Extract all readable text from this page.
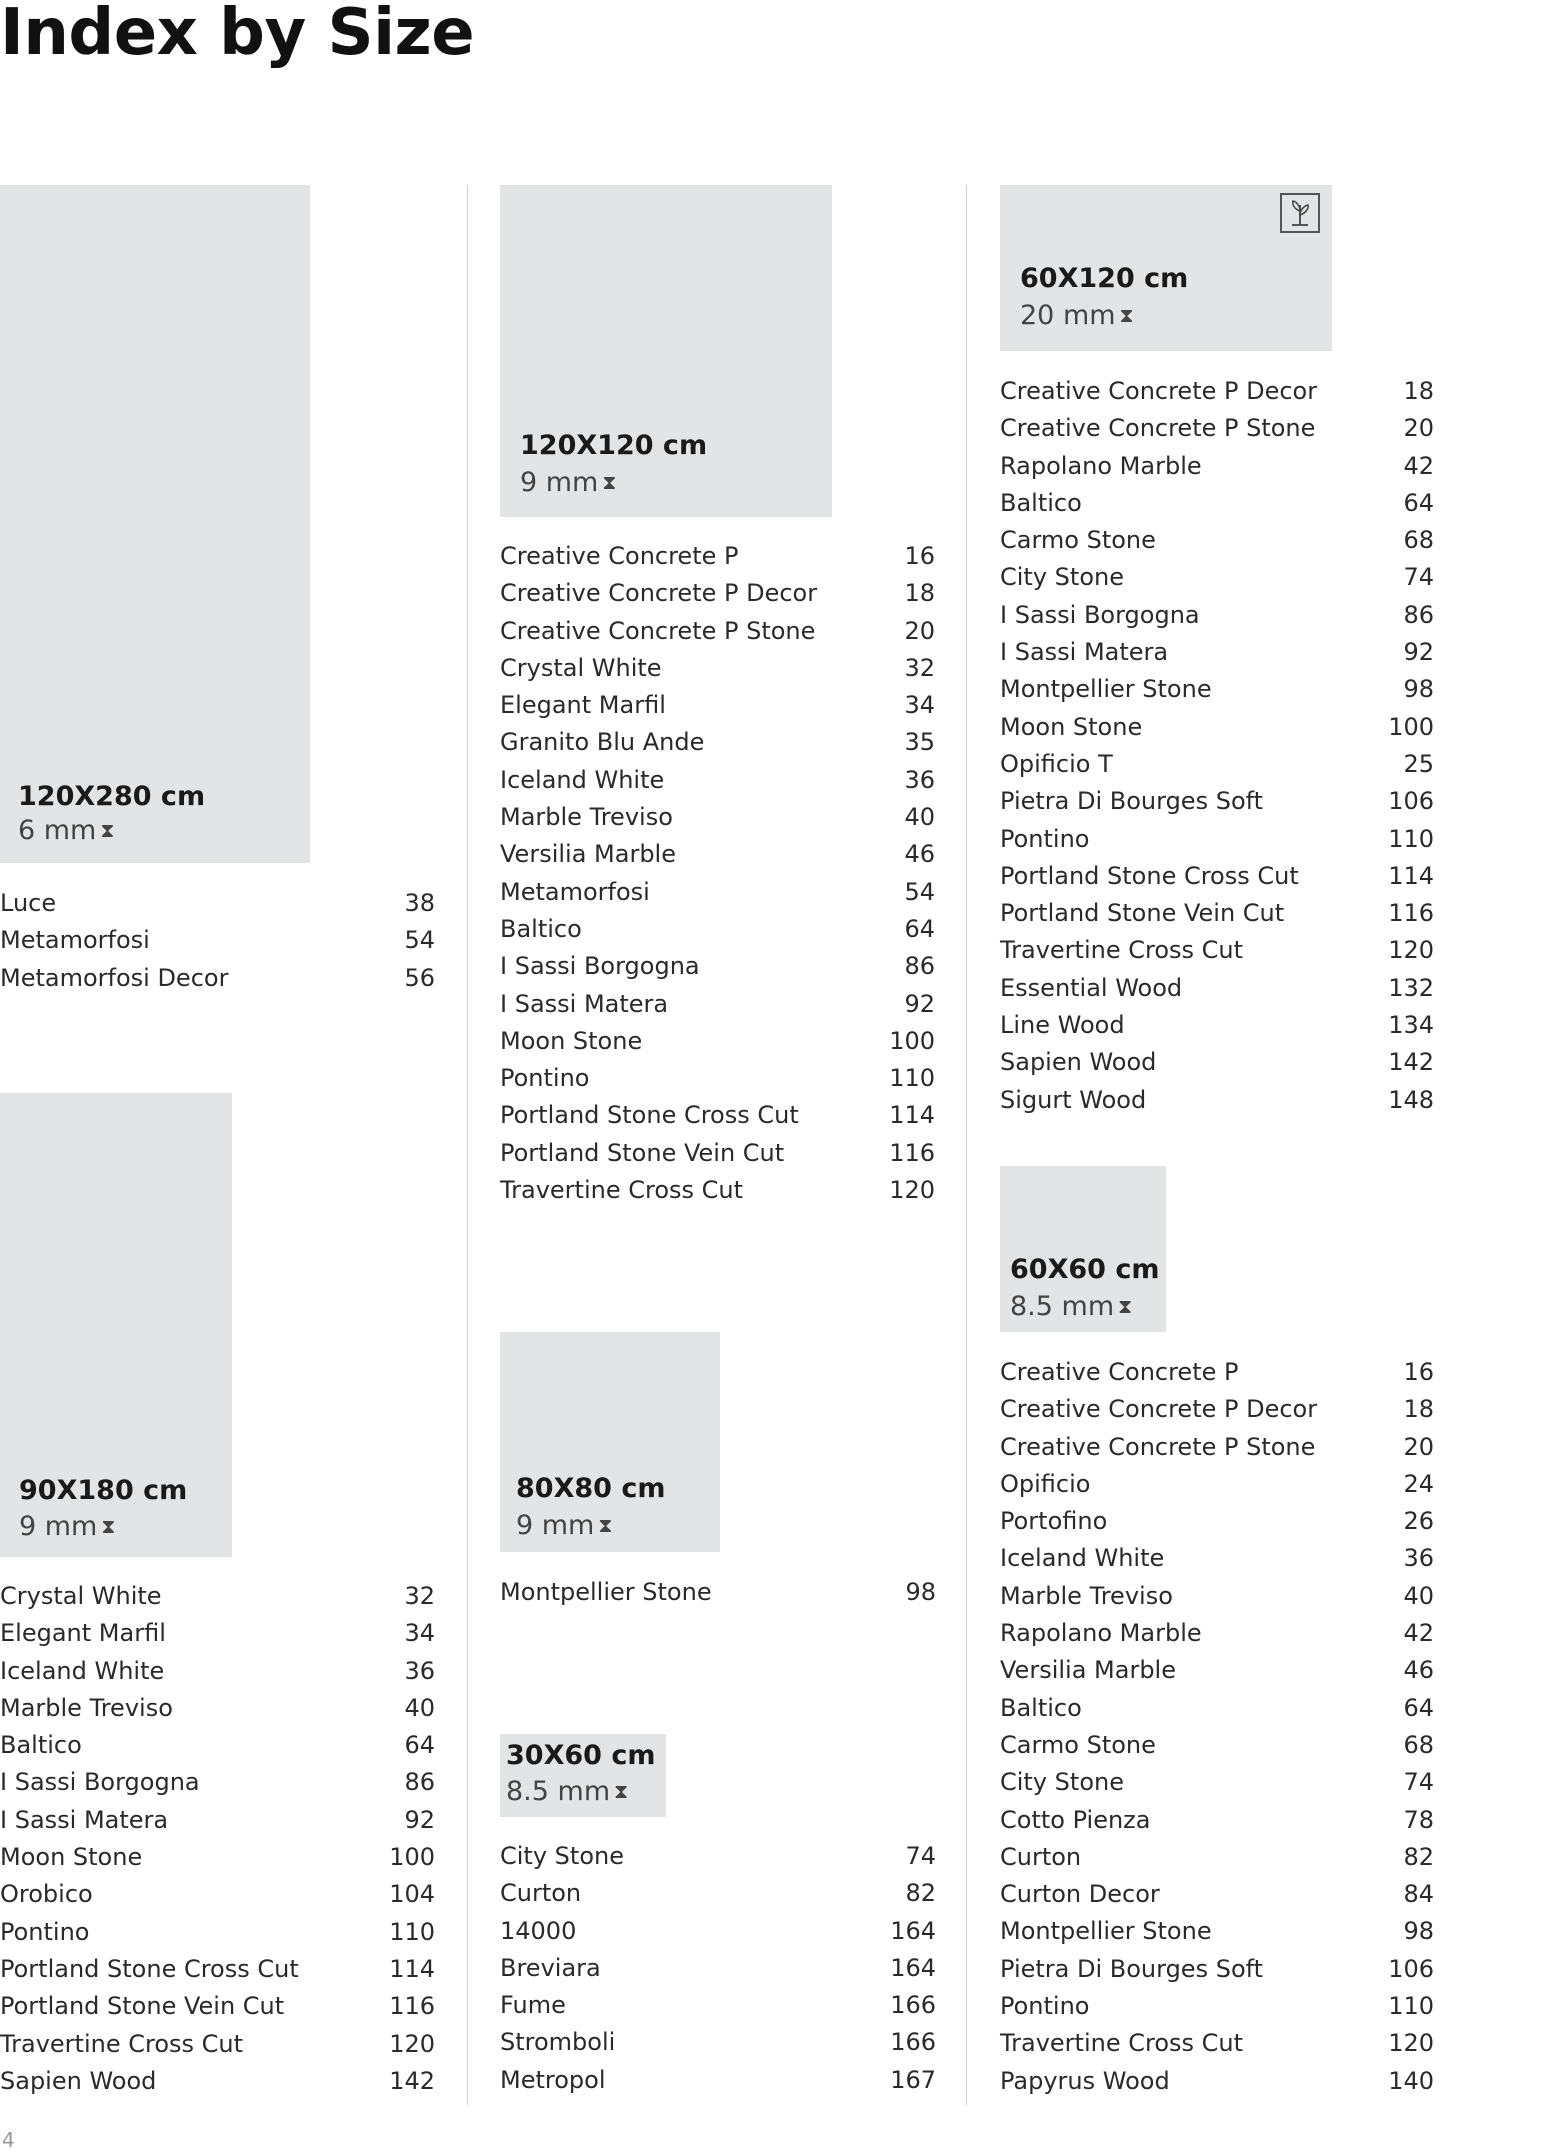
Index by Size
120X280 cm
6 mm ⧗
Luce	38
Metamorfosi	54
Metamorfosi Decor	56
120X120 cm
9 mm ⧗
Creative Concrete P	16
Creative Concrete P Decor	18
Creative Concrete P Stone	20
Crystal White	32
Elegant Marfil	34
Granito Blu Ande	35
Iceland White	36
Marble Treviso	40
Versilia Marble	46
Metamorfosi	54
Baltico	64
I Sassi Borgogna	86
I Sassi Matera	92
Moon Stone	100
Pontino	110
Portland Stone Cross Cut	114
Portland Stone Vein Cut	116
Travertine Cross Cut	120
60X120 cm
20 mm ⧗
Creative Concrete P Decor	18
Creative Concrete P Stone	20
Rapolano Marble	42
Baltico	64
Carmo Stone	68
City Stone	74
I Sassi Borgogna	86
I Sassi Matera	92
Montpellier Stone	98
Moon Stone	100
Opificio T	25
Pietra Di Bourges Soft	106
Pontino	110
Portland Stone Cross Cut	114
Portland Stone Vein Cut	116
Travertine Cross Cut	120
Essential Wood	132
Line Wood	134
Sapien Wood	142
Sigurt Wood	148
90X180 cm
9 mm ⧗
Crystal White	32
Elegant Marfil	34
Iceland White	36
Marble Treviso	40
Baltico	64
I Sassi Borgogna	86
I Sassi Matera	92
Moon Stone	100
Orobico	104
Pontino	110
Portland Stone Cross Cut	114
Portland Stone Vein Cut	116
Travertine Cross Cut	120
Sapien Wood	142
80X80 cm
9 mm ⧗
Montpellier Stone	98
30X60 cm
8.5 mm ⧗
City Stone	74
Curton	82
14000	164
Breviara	164
Fume	166
Stromboli	166
Metropol	167
60X60 cm
8.5 mm ⧗
Creative Concrete P	16
Creative Concrete P Decor	18
Creative Concrete P Stone	20
Opificio	24
Portofino	26
Iceland White	36
Marble Treviso	40
Rapolano Marble	42
Versilia Marble	46
Baltico	64
Carmo Stone	68
City Stone	74
Cotto Pienza	78
Curton	82
Curton Decor	84
Montpellier Stone	98
Pietra Di Bourges Soft	106
Pontino	110
Travertine Cross Cut	120
Papyrus Wood	140
4
